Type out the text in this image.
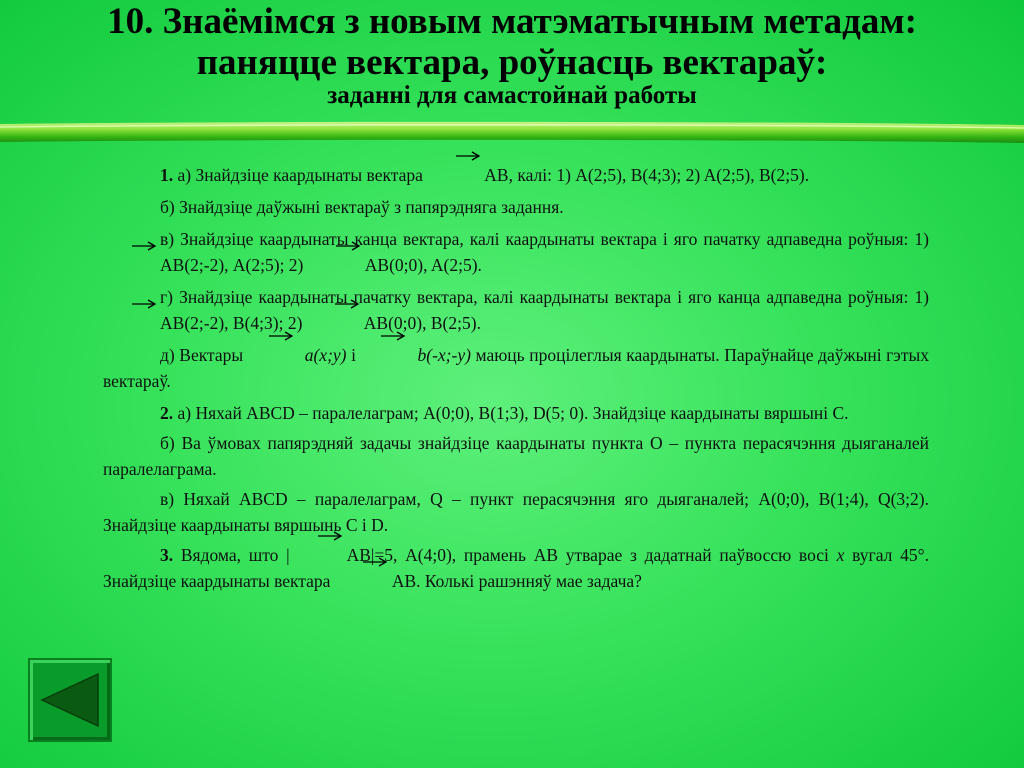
10. Знаёмімся з новым матэматычным метадам:
паняцце вектара, роўнасць вектараў:
заданні для самастойнай работы

1. а) Знайдзіце каардынаты вектара	AB, калі: 1) A(2;5), B(4;3); 2) A(2;5), B(2;5).

б) Знайдзіце даўжыні вектараў з папярэдняга задання.

в) Знайдзіце каардынаты канца вектара, калі каардынаты вектара і яго пачатку адпаведна роўныя: 1)
AB(2;-2), A(2;5); 2)	AB(0;0), A(2;5).

г) Знайдзіце каардынаты пачатку вектара, калі каардынаты вектара і яго канца адпаведна роўныя: 1)
AB(2;-2), B(4;3); 2)	AB(0;0), B(2;5).

д) Вектары	a(x;y) і	b(-x;-y) маюць процілеглыя каардынаты. Параўнайце даўжыні гэтых вектараў.

2. а) Няхай ABCD – паралелаграм; A(0;0), B(1;3), D(5; 0). Знайдзіце каардынаты вяршыні C.

б) Ва ўмовах папярэдняй задачы знайдзіце каардынаты пункта O – пункта перасячэння дыяганалей паралелаграма.

в) Няхай ABCD – паралелаграм, Q – пункт перасячэння яго дыяганалей; A(0;0), B(1;4), Q(3;2). Знайдзіце каардынаты вяршынь C і D.

3. Вядома, што |	AB|=5, A(4;0), прамень AB утварае з дадатнай паўвоссю восі x вугал 45°. Знайдзіце каардынаты вектара	AB. Колькі рашэнняў мае задача?
